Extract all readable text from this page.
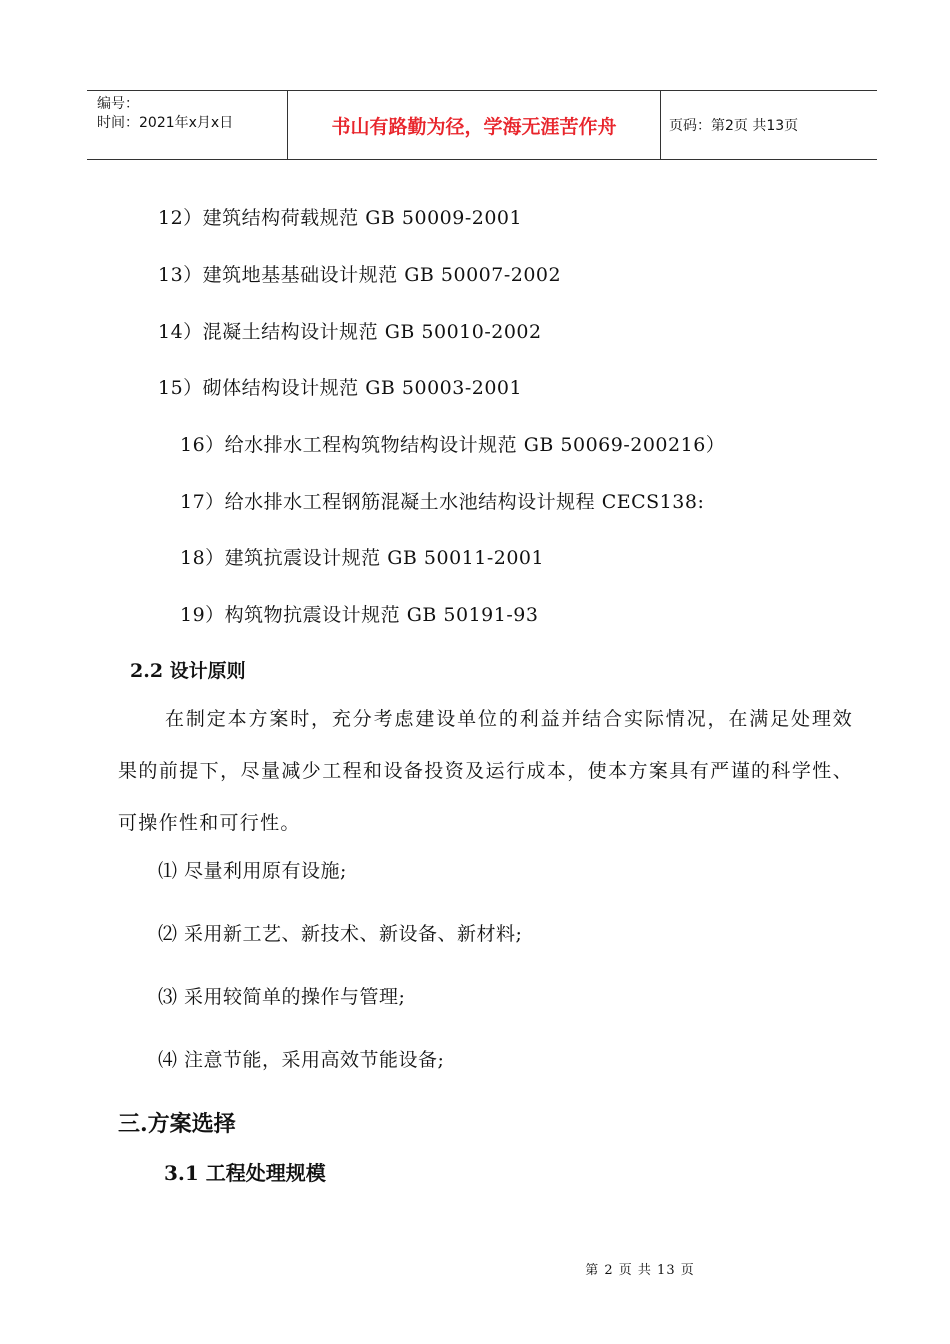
编号：
时间：2021年x月x日	书山有路勤为径，学海无涯苦作舟	页码：第2页 共13页
12）建筑结构荷载规范 GB 50009-2001
13）建筑地基基础设计规范 GB 50007-2002
14）混凝土结构设计规范 GB 50010-2002
15）砌体结构设计规范 GB 50003-2001
16）给水排水工程构筑物结构设计规范 GB 50069-200216）
17）给水排水工程钢筋混凝土水池结构设计规程 CECS138:
18）建筑抗震设计规范 GB 50011-2001
19）构筑物抗震设计规范 GB 50191-93
2.2 设计原则
在制定本方案时，充分考虑建设单位的利益并结合实际情况，在满足处理效果的前提下，尽量减少工程和设备投资及运行成本，使本方案具有严谨的科学性、可操作性和可行性。
⑴ 尽量利用原有设施;
⑵ 采用新工艺、新技术、新设备、新材料;
⑶ 采用较简单的操作与管理;
⑷ 注意节能，采用高效节能设备;
三.方案选择
3.1 工程处理规模
第 2 页 共 13 页
